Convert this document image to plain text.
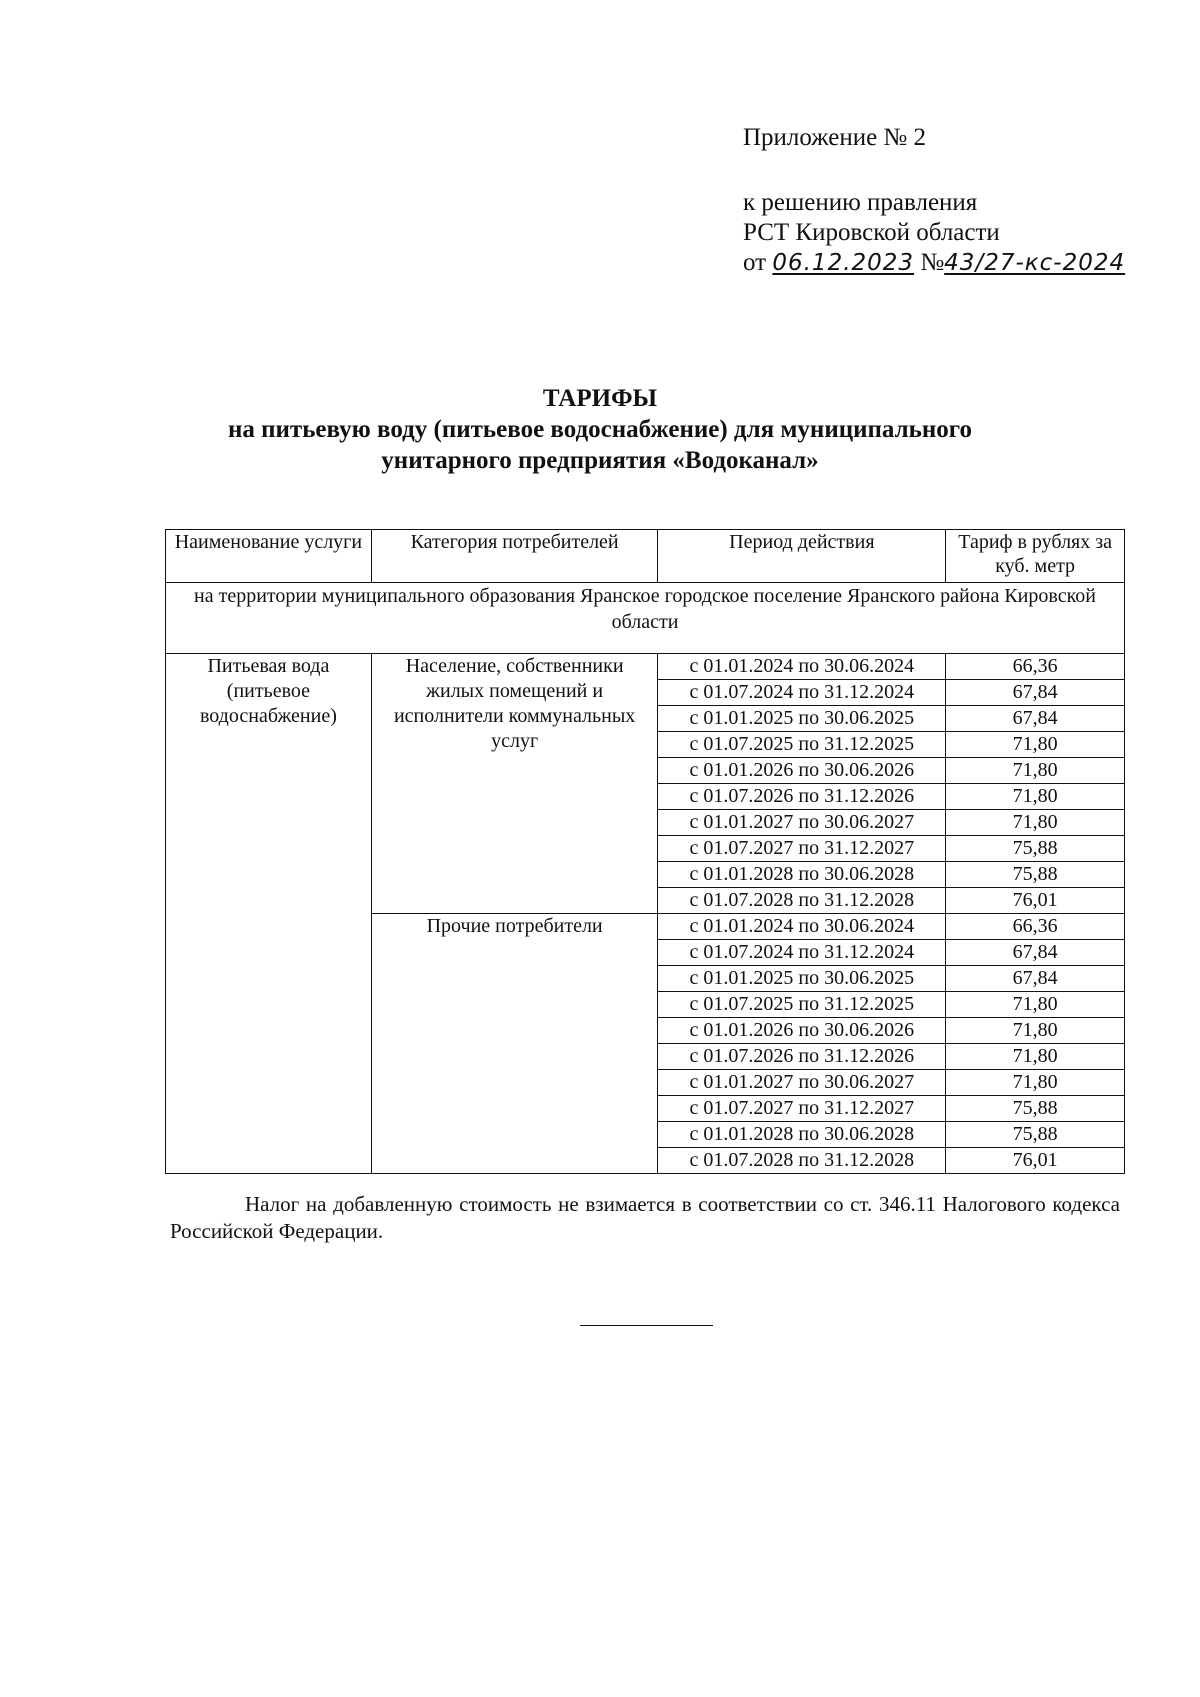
Приложение № 2
к решению правления
РСТ Кировской области
от 06.12.2023 №43/27-кс-2024
ТАРИФЫ
на питьевую воду (питьевое водоснабжение) для муниципального
унитарного предприятия «Водоканал»
Наименование услуги	Категория потребителей	Период действия	Тариф в рублях за куб. метр
на территории муниципального образования Яранское городское поселение Яранского района Кировской области			
Питьевая вода (питьевое водоснабжение)	Население, собственники жилых помещений и исполнители коммунальных услуг	с 01.01.2024 по 30.06.2024	66,36
		с 01.07.2024 по 31.12.2024	67,84
		с 01.01.2025 по 30.06.2025	67,84
		с 01.07.2025 по 31.12.2025	71,80
		с 01.01.2026 по 30.06.2026	71,80
		с 01.07.2026 по 31.12.2026	71,80
		с 01.01.2027 по 30.06.2027	71,80
		с 01.07.2027 по 31.12.2027	75,88
		с 01.01.2028 по 30.06.2028	75,88
		с 01.07.2028 по 31.12.2028	76,01
	Прочие потребители	с 01.01.2024 по 30.06.2024	66,36
		с 01.07.2024 по 31.12.2024	67,84
		с 01.01.2025 по 30.06.2025	67,84
		с 01.07.2025 по 31.12.2025	71,80
		с 01.01.2026 по 30.06.2026	71,80
		с 01.07.2026 по 31.12.2026	71,80
		с 01.01.2027 по 30.06.2027	71,80
		с 01.07.2027 по 31.12.2027	75,88
		с 01.01.2028 по 30.06.2028	75,88
		с 01.07.2028 по 31.12.2028	76,01
Налог на добавленную стоимость не взимается в соответствии со ст. 346.11 Налогового кодекса Российской Федерации.
